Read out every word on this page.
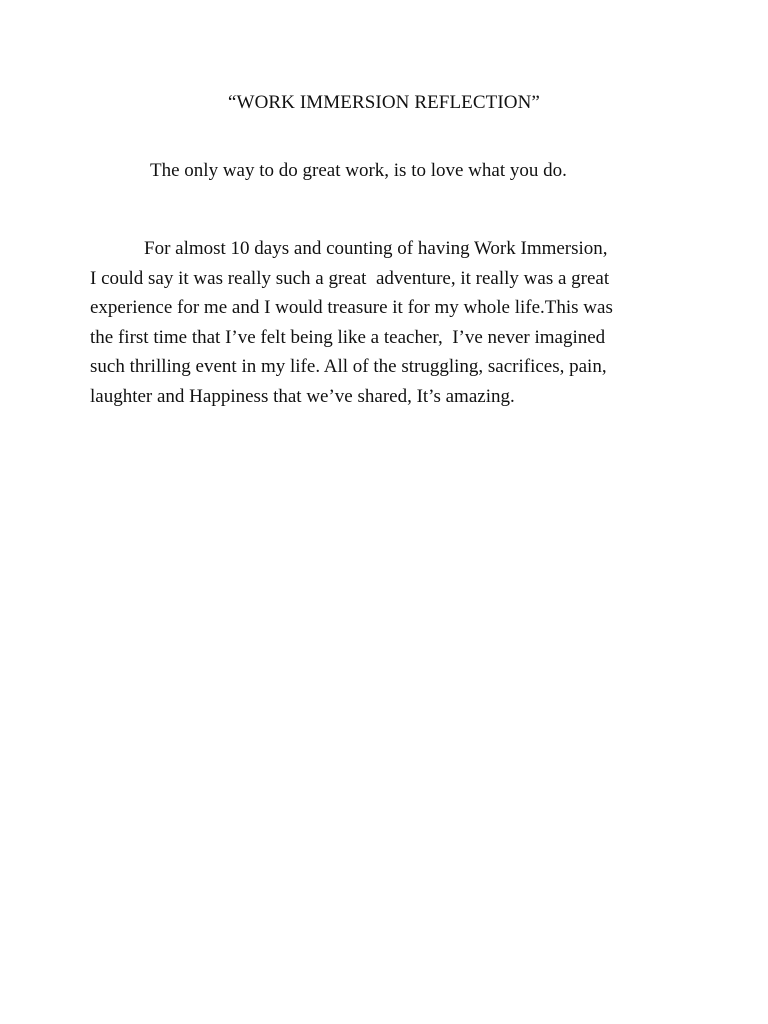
“WORK IMMERSION REFLECTION”
The only way to do great work, is to love what you do.
For almost 10 days and counting of having Work Immersion,
I could say it was really such a great  adventure, it really was a great
experience for me and I would treasure it for my whole life.This was
the first time that I’ve felt being like a teacher,  I’ve never imagined
such thrilling event in my life. All of the struggling, sacrifices, pain,
laughter and Happiness that we’ve shared, It’s amazing.
